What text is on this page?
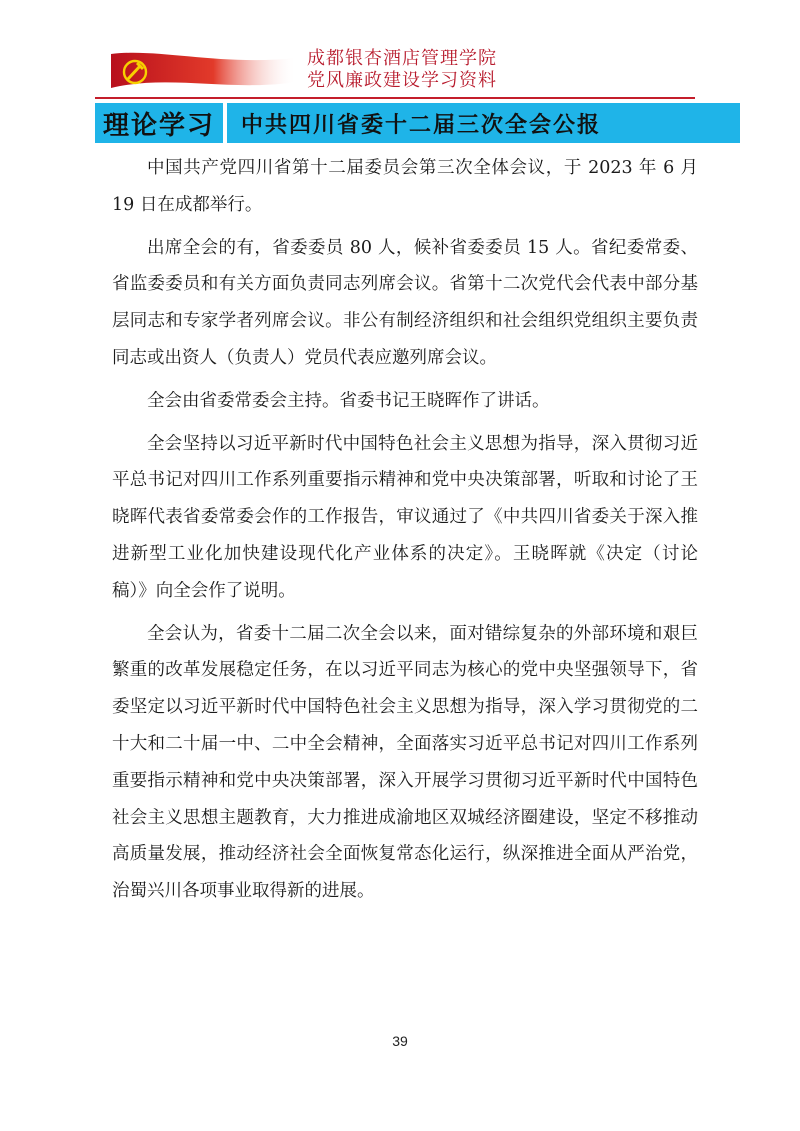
成都银杏酒店管理学院
党风廉政建设学习资料
理论学习	中共四川省委十二届三次全会公报

中国共产党四川省第十二届委员会第三次全体会议，于 2023 年 6 月 19 日在成都举行。

出席全会的有，省委委员 80 人，候补省委委员 15 人。省纪委常委、省监委委员和有关方面负责同志列席会议。省第十二次党代会代表中部分基层同志和专家学者列席会议。非公有制经济组织和社会组织党组织主要负责同志或出资人（负责人）党员代表应邀列席会议。

全会由省委常委会主持。省委书记王晓晖作了讲话。

全会坚持以习近平新时代中国特色社会主义思想为指导，深入贯彻习近平总书记对四川工作系列重要指示精神和党中央决策部署，听取和讨论了王晓晖代表省委常委会作的工作报告，审议通过了《中共四川省委关于深入推进新型工业化加快建设现代化产业体系的决定》。王晓晖就《决定（讨论稿）》向全会作了说明。

全会认为，省委十二届二次全会以来，面对错综复杂的外部环境和艰巨繁重的改革发展稳定任务，在以习近平同志为核心的党中央坚强领导下，省委坚定以习近平新时代中国特色社会主义思想为指导，深入学习贯彻党的二十大和二十届一中、二中全会精神，全面落实习近平总书记对四川工作系列重要指示精神和党中央决策部署，深入开展学习贯彻习近平新时代中国特色社会主义思想主题教育，大力推进成渝地区双城经济圈建设，坚定不移推动高质量发展，推动经济社会全面恢复常态化运行，纵深推进全面从严治党，治蜀兴川各项事业取得新的进展。

39
